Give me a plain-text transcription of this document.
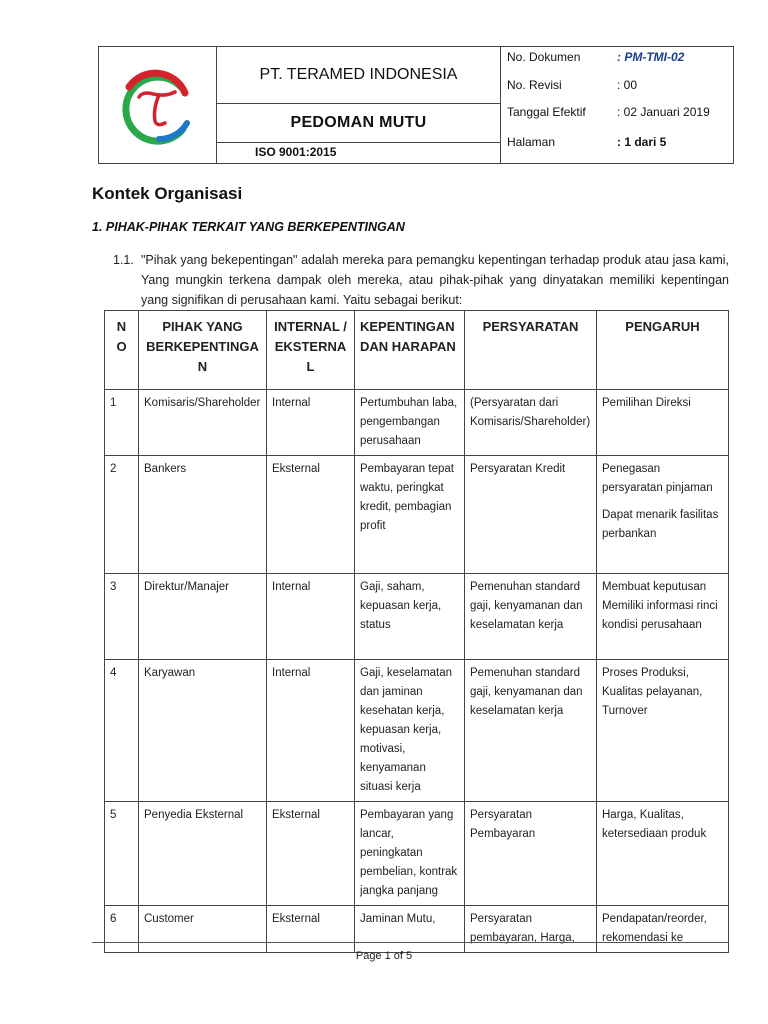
PT. TERAMED INDONESIA
PEDOMAN MUTU
ISO 9001:2015
No. Dokumen	: PM-TMI-02
No. Revisi	: 00
Tanggal Efektif	: 02 Januari 2019
Halaman	: 1 dari 5
Kontek Organisasi
1. PIHAK-PIHAK TERKAIT YANG BERKEPENTINGAN
1.1. "Pihak yang bekepentingan" adalah mereka para pemangku kepentingan terhadap produk atau jasa kami, Yang mungkin terkena dampak oleh mereka, atau pihak-pihak yang dinyatakan memiliki kepentingan yang signifikan di perusahaan kami. Yaitu sebagai berikut:
N O	PIHAK YANG BERKEPENTINGA N	INTERNAL / EKSTERNA L	KEPENTINGAN DAN HARAPAN	PERSYARATAN	PENGARUH
1	Komisaris/Shareholder	Internal	Pertumbuhan laba, pengembangan perusahaan	(Persyaratan dari Komisaris/Shareholder)	Pemilihan Direksi
2	Bankers	Eksternal	Pembayaran tepat waktu, peringkat kredit, pembagian profit	Persyaratan Kredit	Penegasan persyaratan pinjaman
Dapat menarik fasilitas perbankan
3	Direktur/Manajer	Internal	Gaji, saham, kepuasan kerja, status	Pemenuhan standard gaji, kenyamanan dan keselamatan kerja	Membuat keputusan Memiliki informasi rinci kondisi perusahaan
4	Karyawan	Internal	Gaji, keselamatan dan jaminan kesehatan kerja, kepuasan kerja, motivasi, kenyamanan situasi kerja	Pemenuhan standard gaji, kenyamanan dan keselamatan kerja	Proses Produksi, Kualitas pelayanan, Turnover
5	Penyedia Eksternal	Eksternal	Pembayaran yang lancar, peningkatan pembelian, kontrak jangka panjang	Persyaratan Pembayaran	Harga, Kualitas, ketersediaan produk
6	Customer	Eksternal	Jaminan Mutu,	Persyaratan pembayaran, Harga,	Pendapatan/reorder, rekomendasi ke
Page 1 of 5
